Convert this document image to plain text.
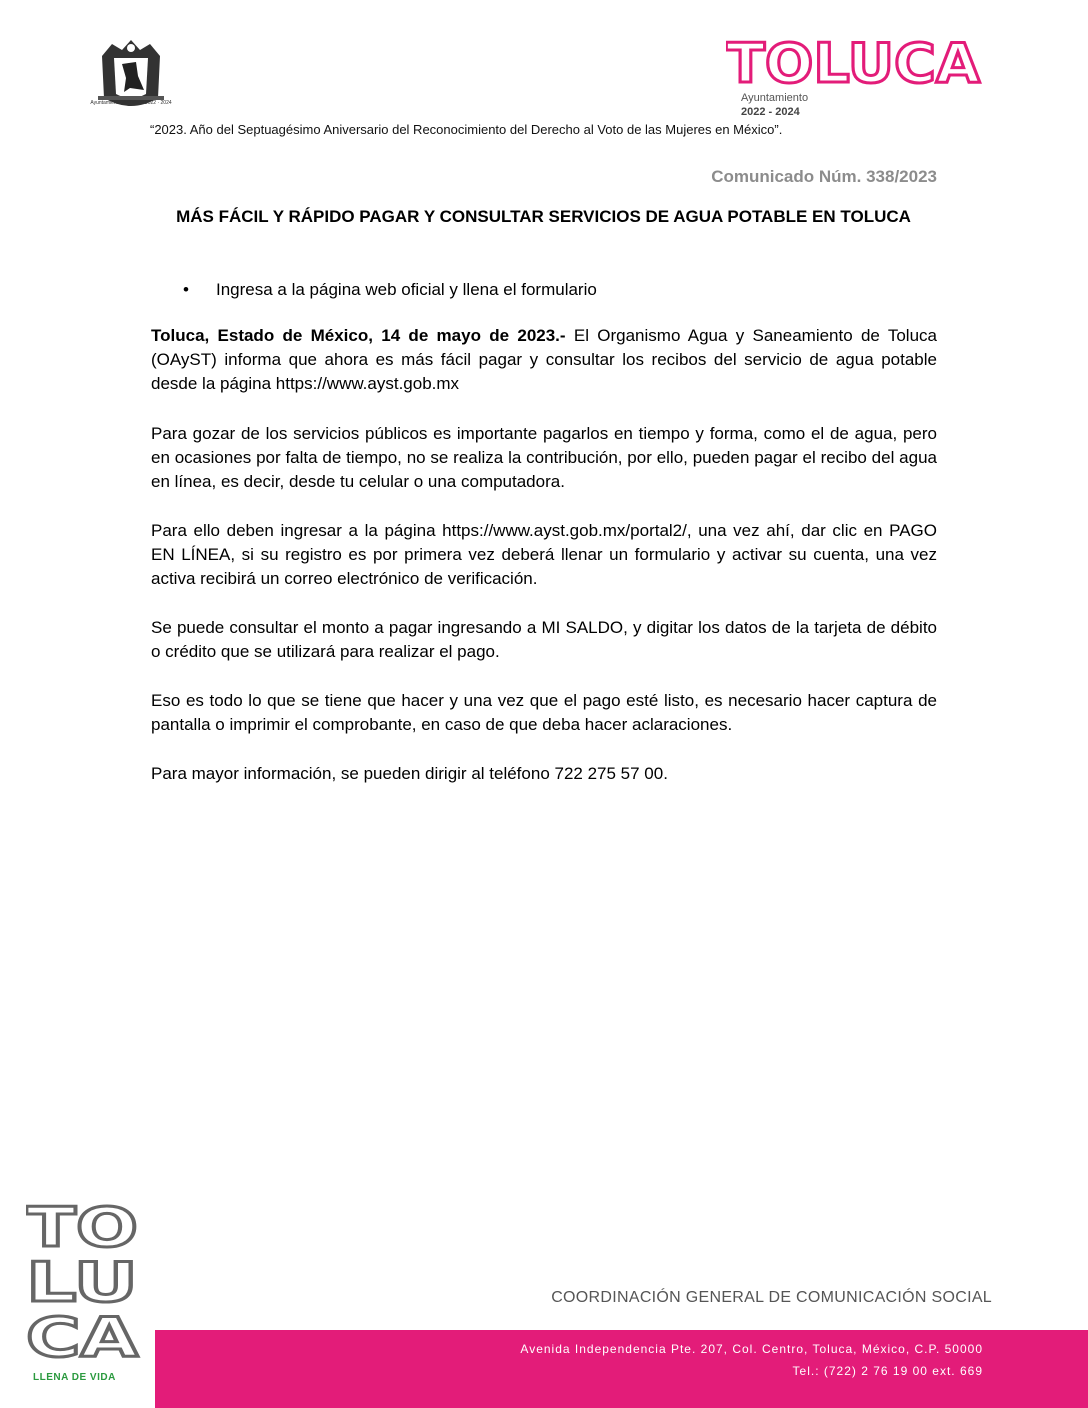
Ayuntamiento de Toluca 2022 · 2024
TOLUCA
Ayuntamiento
2022 - 2024
“2023. Año del Septuagésimo Aniversario del Reconocimiento del Derecho al Voto de las Mujeres en México”.
Comunicado Núm. 338/2023
MÁS FÁCIL Y RÁPIDO PAGAR Y CONSULTAR SERVICIOS DE AGUA POTABLE EN TOLUCA
• Ingresa a la página web oficial y llena el formulario
Toluca, Estado de México, 14 de mayo de 2023.- El Organismo Agua y Saneamiento de Toluca (OAyST) informa que ahora es más fácil pagar y consultar los recibos del servicio de agua potable desde la página https://www.ayst.gob.mx
Para gozar de los servicios públicos es importante pagarlos en tiempo y forma, como el de agua, pero en ocasiones por falta de tiempo, no se realiza la contribución, por ello, pueden pagar el recibo del agua en línea, es decir, desde tu celular o una computadora.
Para ello deben ingresar a la página https://www.ayst.gob.mx/portal2/, una vez ahí, dar clic en PAGO EN LÍNEA, si su registro es por primera vez deberá llenar un formulario y activar su cuenta, una vez activa recibirá un correo electrónico de verificación.
Se puede consultar el monto a pagar ingresando a MI SALDO, y digitar los datos de la tarjeta de débito o crédito que se utilizará para realizar el pago.
Eso es todo lo que se tiene que hacer y una vez que el pago esté listo, es necesario hacer captura de pantalla o imprimir el comprobante, en caso de que deba hacer aclaraciones.
Para mayor información, se pueden dirigir al teléfono 722 275 57 00.
TO
LU
CA
LLENA DE VIDA
COORDINACIÓN GENERAL DE COMUNICACIÓN SOCIAL
Avenida Independencia Pte. 207, Col. Centro, Toluca, México, C.P. 50000
Tel.: (722) 2 76 19 00 ext. 669
